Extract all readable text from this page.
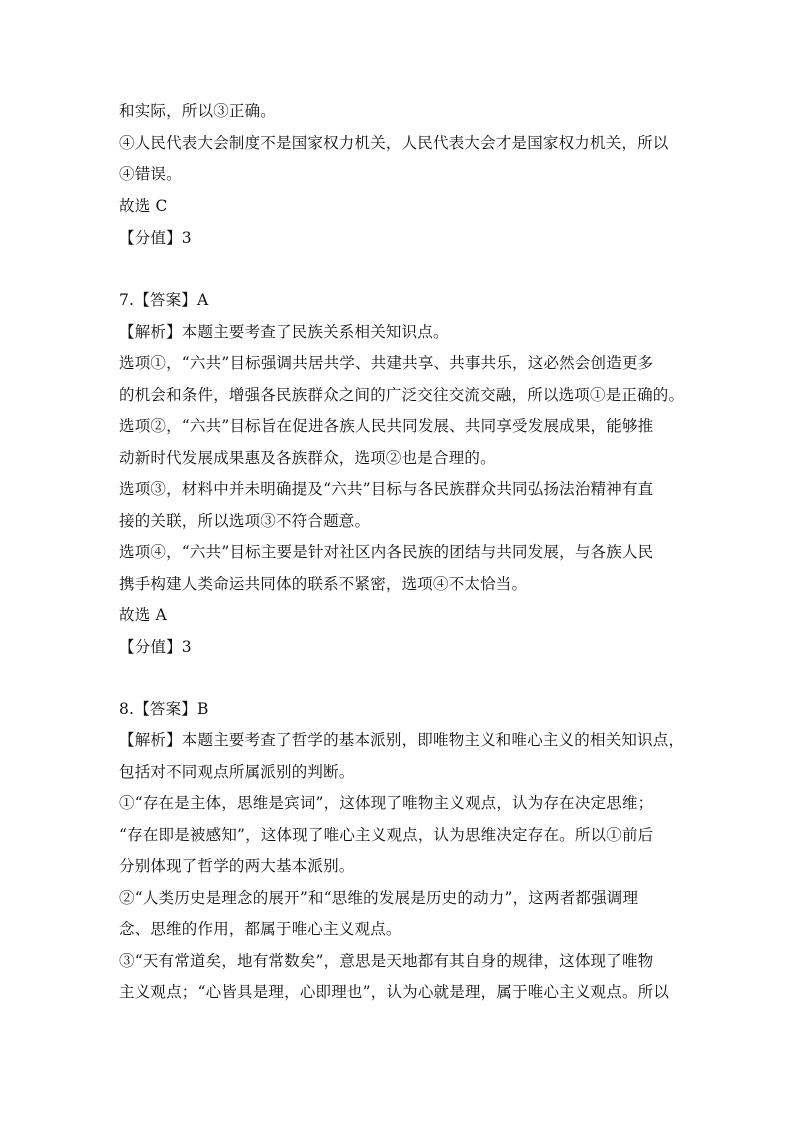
和实际，所以③正确。
④人民代表大会制度不是国家权力机关，人民代表大会才是国家权力机关，所以
④错误。
故选 C
【分值】3
7.【答案】A
【解析】本题主要考查了民族关系相关知识点。
选项①，“六共”目标强调共居共学、共建共享、共事共乐，这必然会创造更多
的机会和条件，增强各民族群众之间的广泛交往交流交融，所以选项①是正确的。
选项②，“六共”目标旨在促进各族人民共同发展、共同享受发展成果，能够推
动新时代发展成果惠及各族群众，选项②也是合理的。
选项③，材料中并未明确提及“六共”目标与各民族群众共同弘扬法治精神有直
接的关联，所以选项③不符合题意。
选项④，“六共”目标主要是针对社区内各民族的团结与共同发展，与各族人民
携手构建人类命运共同体的联系不紧密，选项④不太恰当。
故选 A
【分值】3
8.【答案】B
【解析】本题主要考查了哲学的基本派别，即唯物主义和唯心主义的相关知识点，
包括对不同观点所属派别的判断。
①“存在是主体，思维是宾词”，这体现了唯物主义观点，认为存在决定思维；
“存在即是被感知”，这体现了唯心主义观点，认为思维决定存在。所以①前后
分别体现了哲学的两大基本派别。
②“人类历史是理念的展开”和“思维的发展是历史的动力”，这两者都强调理
念、思维的作用，都属于唯心主义观点。
③“天有常道矣，地有常数矣”，意思是天地都有其自身的规律，这体现了唯物
主义观点；“心皆具是理，心即理也”，认为心就是理，属于唯心主义观点。所以
